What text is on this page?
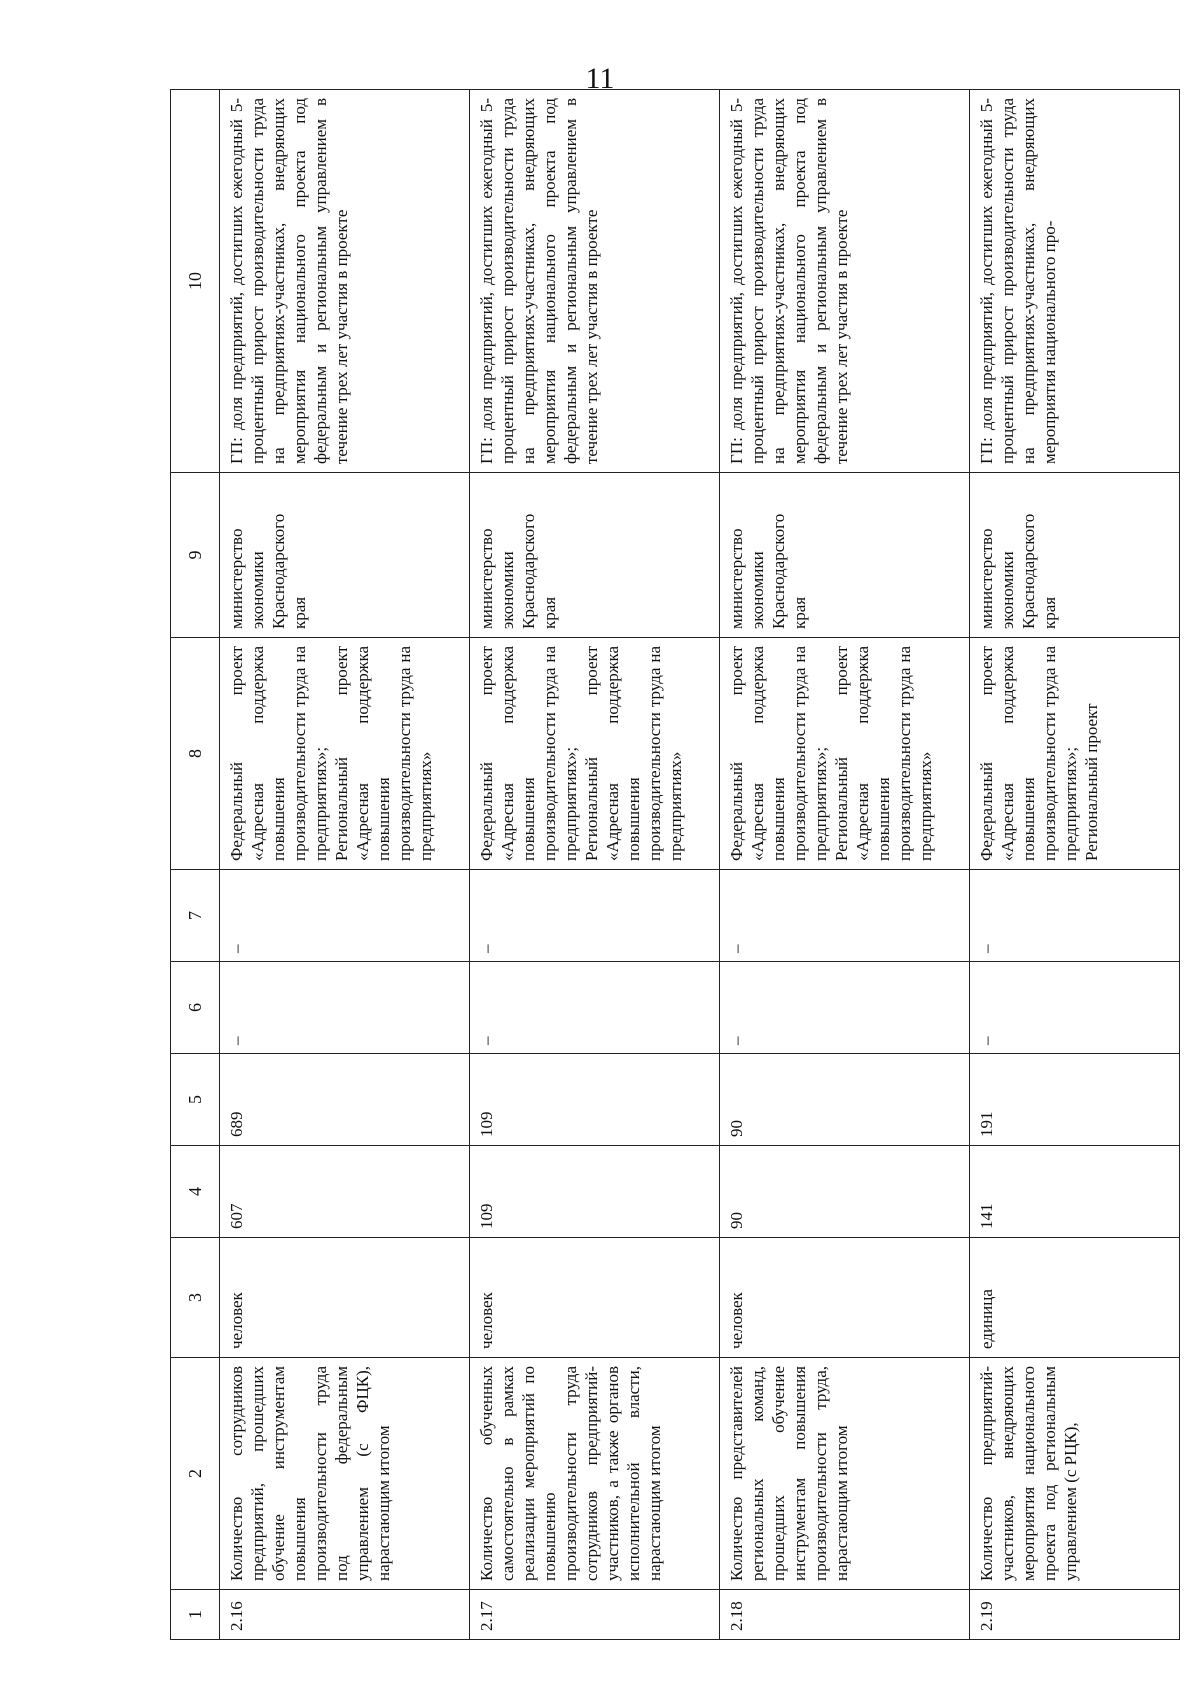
11
1	2	3	4	5	6	7	8	9	10
2.16	Количество сотрудников предприятий, прошедших обучение инструментам повышения производительности труда под федеральным управлением (с ФЦК), нарастающим итогом	человек	607	689	–	–	Федеральный проект «Адресная поддержка повышения производительности труда на предприятиях»; Региональный проект «Адресная поддержка повышения производительности труда на предприятиях»	министерство экономики Краснодарского края	ГП: доля предприятий, достигших ежегодный 5-процентный прирост производительности труда на предприятиях-участниках, внедряющих мероприятия национального проекта под федеральным и региональным управлением в течение трех лет участия в проекте
2.17	Количество обученных самостоятельно в рамках реализации мероприятий по повышению производительности труда сотрудников предприятий-участников, а также органов исполнительной власти, нарастающим итогом	человек	109	109	–	–	Федеральный проект «Адресная поддержка повышения производительности труда на предприятиях»; Региональный проект «Адресная поддержка повышения производительности труда на предприятиях»	министерство экономики Краснодарского края	ГП: доля предприятий, достигших ежегодный 5-процентный прирост производительности труда на предприятиях-участниках, внедряющих мероприятия национального проекта под федеральным и региональным управлением в течение трех лет участия в проекте
2.18	Количество представителей региональных команд, прошедших обучение инструментам повышения производительности труда, нарастающим итогом	человек	90	90	–	–	Федеральный проект «Адресная поддержка повышения производительности труда на предприятиях»; Региональный проект «Адресная поддержка повышения производительности труда на предприятиях»	министерство экономики Краснодарского края	ГП: доля предприятий, достигших ежегодный 5-процентный прирост производительности труда на предприятиях-участниках, внедряющих мероприятия национального проекта под федеральным и региональным управлением в течение трех лет участия в проекте
2.19	Количество предприятий-участников, внедряющих мероприятия национального проекта под региональным управлением (с РЦК),	единица	141	191	–	–	Федеральный проект «Адресная поддержка повышения производительности труда на предприятиях»; Региональный проект	министерство экономики Краснодарского края	ГП: доля предприятий, достигших ежегодный 5-процентный прирост производительности труда на предприятиях-участниках, внедряющих мероприятия национального про-
